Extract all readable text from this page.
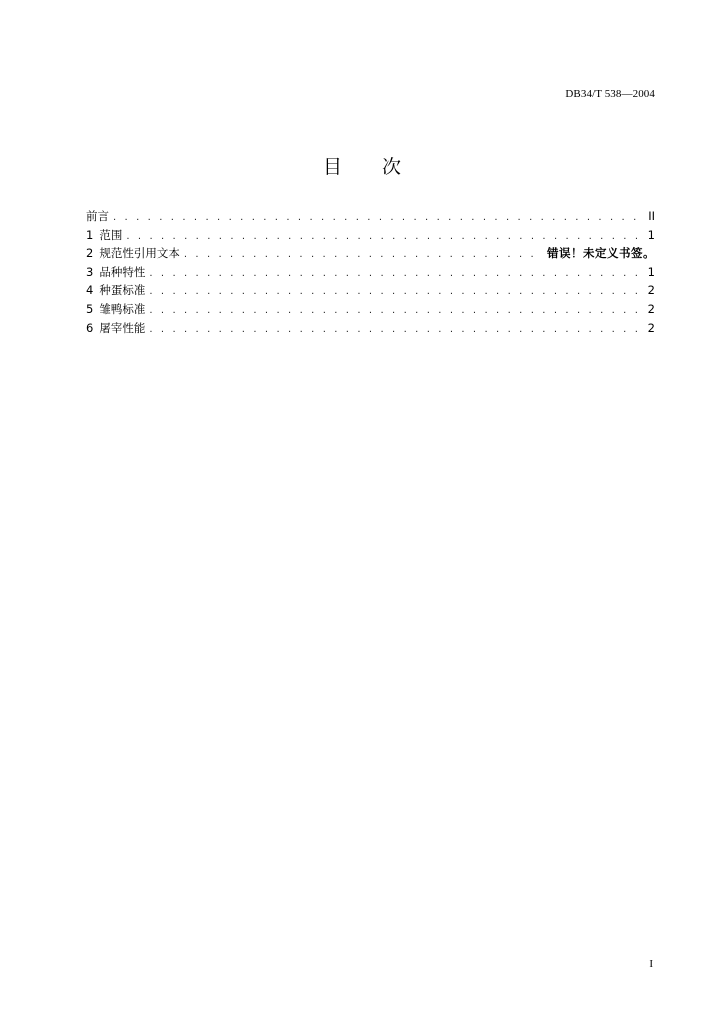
DB34/T 538—2004
目 次
前言 . . .	II
1 范围 . . .	1
2 规范性引用文本 . . .	错误！未定义书签。
3 品种特性 . . .	1
4 种蛋标准 . . .	2
5 雏鸭标准 . . .	2
6 屠宰性能 . . .	2
I
